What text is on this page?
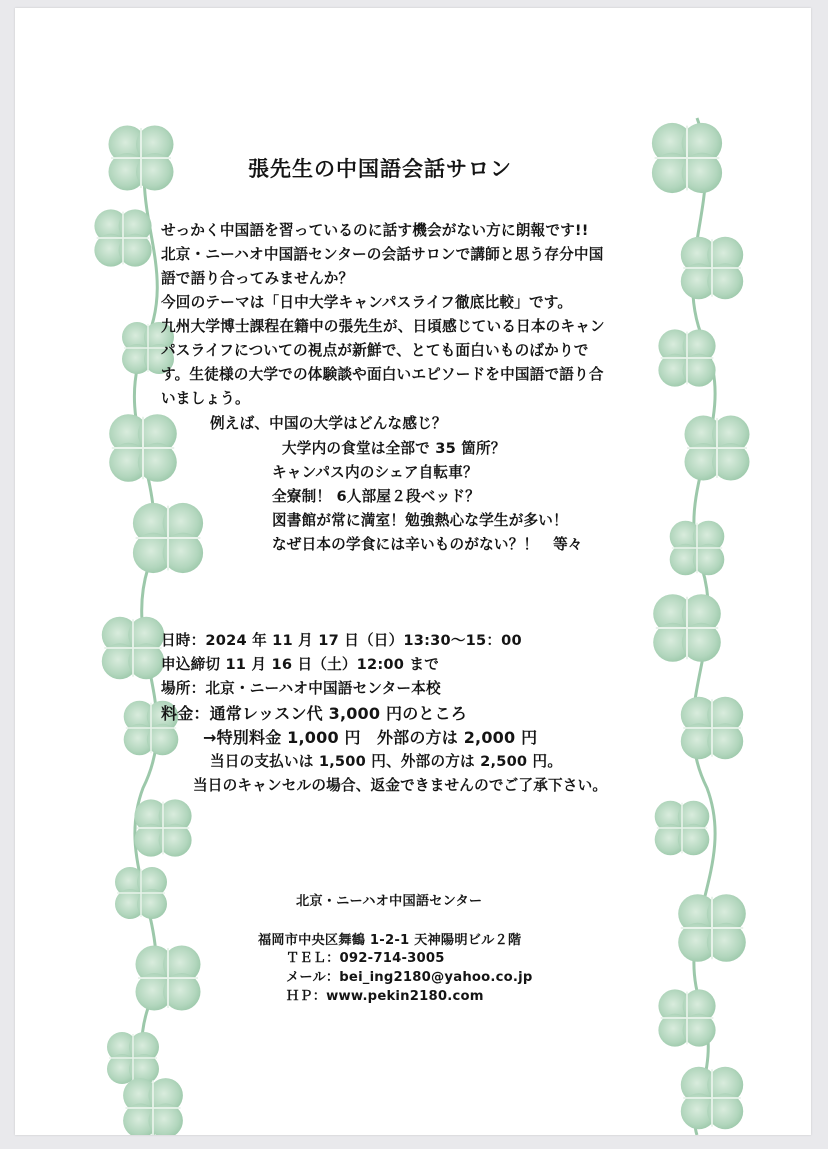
張先生の中国語会話サロン
せっかく中国語を習っているのに話す機会がない方に朗報です!!
北京・ニーハオ中国語センターの会話サロンで講師と思う存分中国
語で語り合ってみませんか？
今回のテーマは「日中大学キャンパスライフ徹底比較」です。
九州大学博士課程在籍中の張先生が、日頃感じている日本のキャン
パスライフについての視点が新鮮で、とても面白いものばかりで
す。生徒様の大学での体験談や面白いエピソードを中国語で語り合
いましょう。
例えば、中国の大学はどんな感じ？
大学内の食堂は全部で 35 箇所？
キャンパス内のシェア自転車？
全寮制！ 6人部屋２段ベッド？
図書館が常に満室！勉強熱心な学生が多い！
なぜ日本の学食には辛いものがない？！　等々
日時：2024 年 11 月 17 日（日）13:30～15：00
申込締切 11 月 16 日（土）12:00 まで
場所：北京・ニーハオ中国語センター本校
料金：通常レッスン代 3,000 円のところ
→特別料金 1,000 円　外部の方は 2,000 円
当日の支払いは 1,500 円、外部の方は 2,500 円。
当日のキャンセルの場合、返金できませんのでご了承下さい。
北京・ニーハオ中国語センター
福岡市中央区舞鶴 1-2-1 天神陽明ビル２階
ＴＥＬ：092-714-3005
メール：bei_ing2180@yahoo.co.jp
ＨＰ：www.pekin2180.com
